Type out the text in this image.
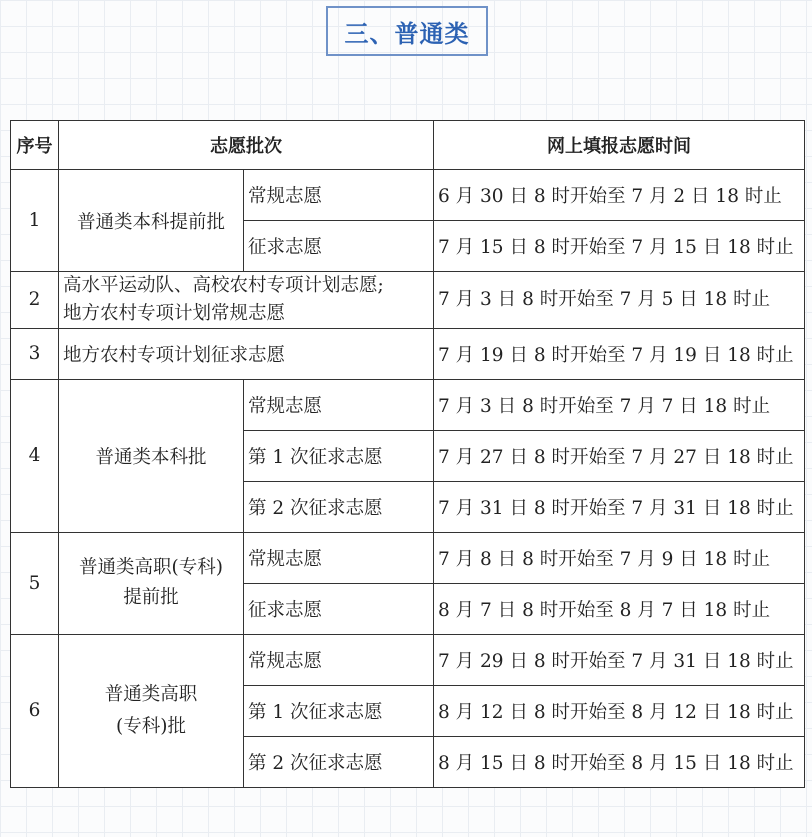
三、普通类
序号	志愿批次		网上填报志愿时间
1	普通类本科提前批	常规志愿	6 月 30 日 8 时开始至 7 月 2 日 18 时止
		征求志愿	7 月 15 日 8 时开始至 7 月 15 日 18 时止
2	高水平运动队、高校农村专项计划志愿;
地方农村专项计划常规志愿		7 月 3 日 8 时开始至 7 月 5 日 18 时止
3	地方农村专项计划征求志愿		7 月 19 日 8 时开始至 7 月 19 日 18 时止
4	普通类本科批	常规志愿	7 月 3 日 8 时开始至 7 月 7 日 18 时止
		第 1 次征求志愿	7 月 27 日 8 时开始至 7 月 27 日 18 时止
		第 2 次征求志愿	7 月 31 日 8 时开始至 7 月 31 日 18 时止
5	普通类高职(专科)
提前批	常规志愿	7 月 8 日 8 时开始至 7 月 9 日 18 时止
		征求志愿	8 月 7 日 8 时开始至 8 月 7 日 18 时止
6	普通类高职
(专科)批	常规志愿	7 月 29 日 8 时开始至 7 月 31 日 18 时止
		第 1 次征求志愿	8 月 12 日 8 时开始至 8 月 12 日 18 时止
		第 2 次征求志愿	8 月 15 日 8 时开始至 8 月 15 日 18 时止
